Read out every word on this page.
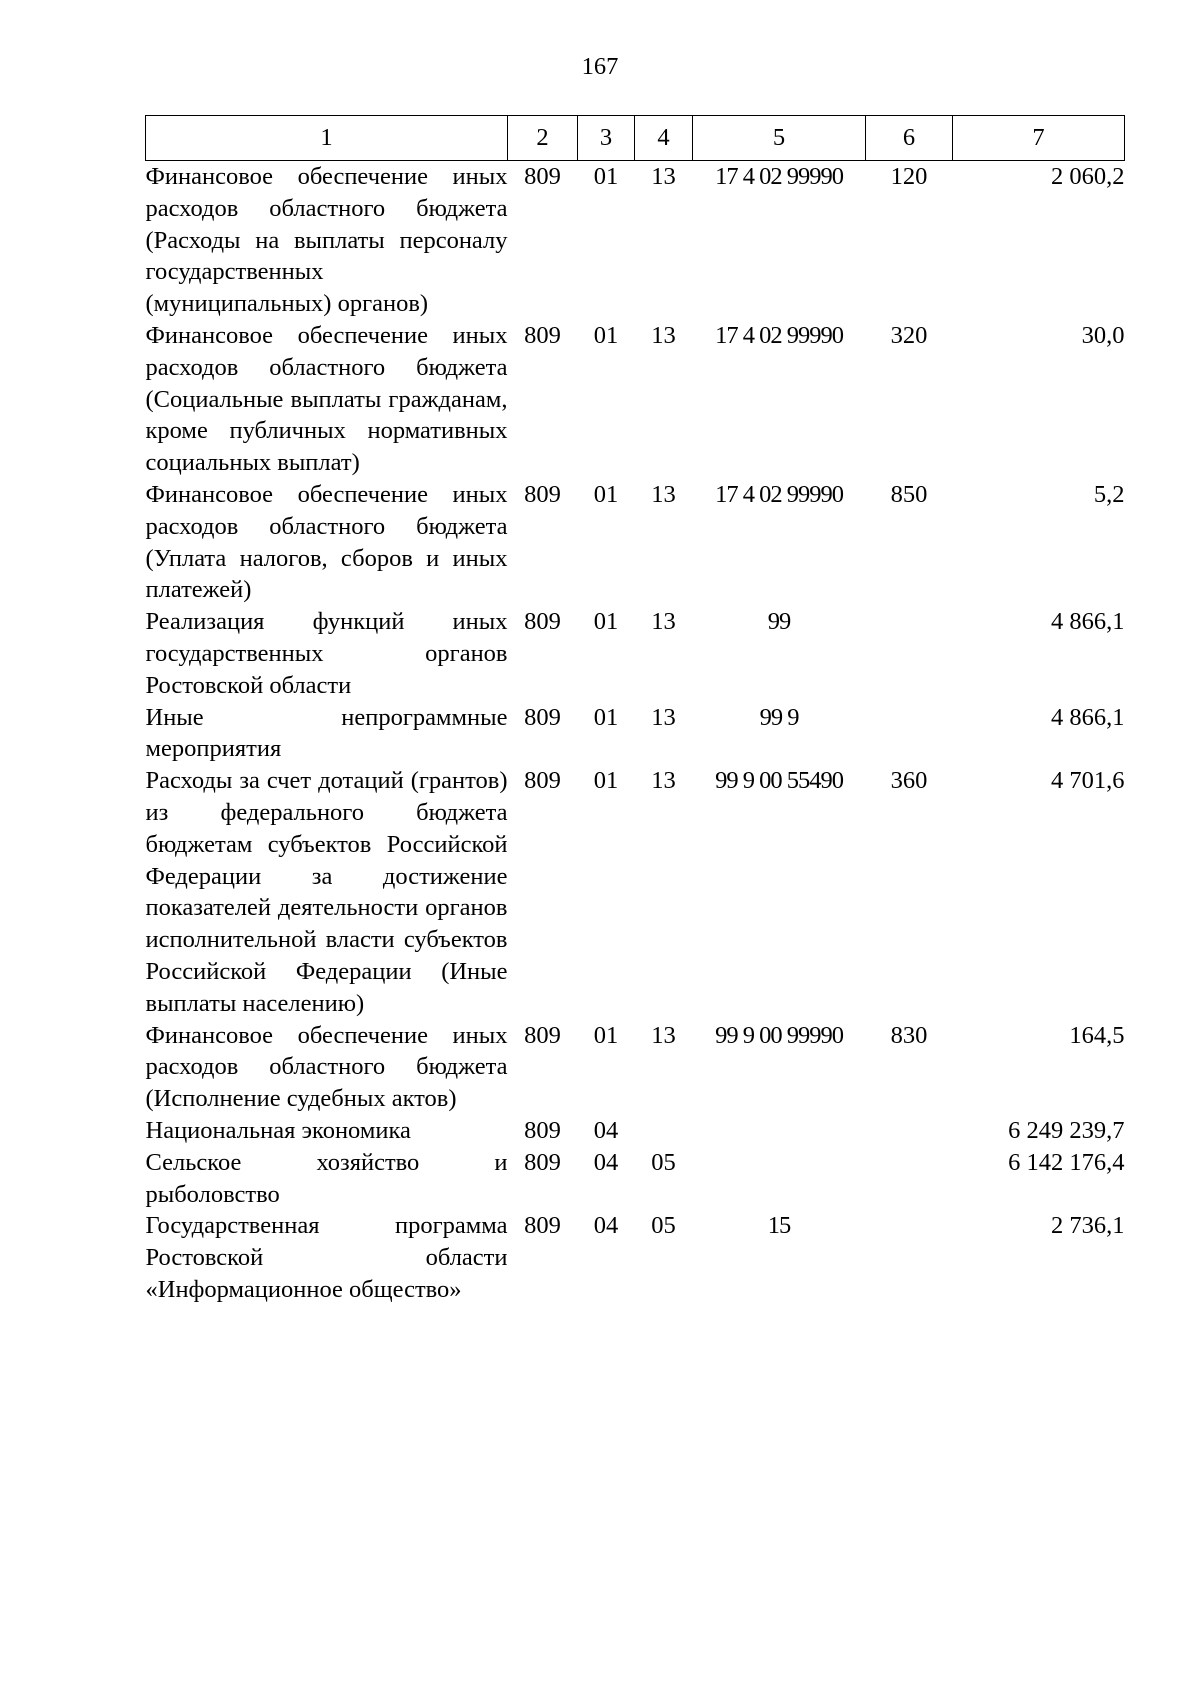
167
1	2	3	4	5	6	7
Финансовое обеспечение иных расходов областного бюджета (Расходы на выплаты персоналу государственных (муниципальных) органов)	809	01	13	17 4 02 99990	120	2 060,2
Финансовое обеспечение иных расходов областного бюджета (Социальные выплаты гражданам, кроме публичных нормативных социальных выплат)	809	01	13	17 4 02 99990	320	30,0
Финансовое обеспечение иных расходов областного бюджета (Уплата налогов, сборов и иных платежей)	809	01	13	17 4 02 99990	850	5,2
Реализация функций иных государственных органов Ростовской области	809	01	13	99		4 866,1
Иные непрограммные мероприятия	809	01	13	99 9		4 866,1
Расходы за счет дотаций (грантов) из федерального бюджета бюджетам субъектов Российской Федерации за достижение показателей деятельности органов исполнительной власти субъектов Российской Федерации (Иные выплаты населению)	809	01	13	99 9 00 55490	360	4 701,6
Финансовое обеспечение иных расходов областного бюджета (Исполнение судебных актов)	809	01	13	99 9 00 99990	830	164,5
Национальная экономика	809	04				6 249 239,7
Сельское хозяйство и рыболовство	809	04	05			6 142 176,4
Государственная программа Ростовской области «Информационное общество»	809	04	05	15		2 736,1
